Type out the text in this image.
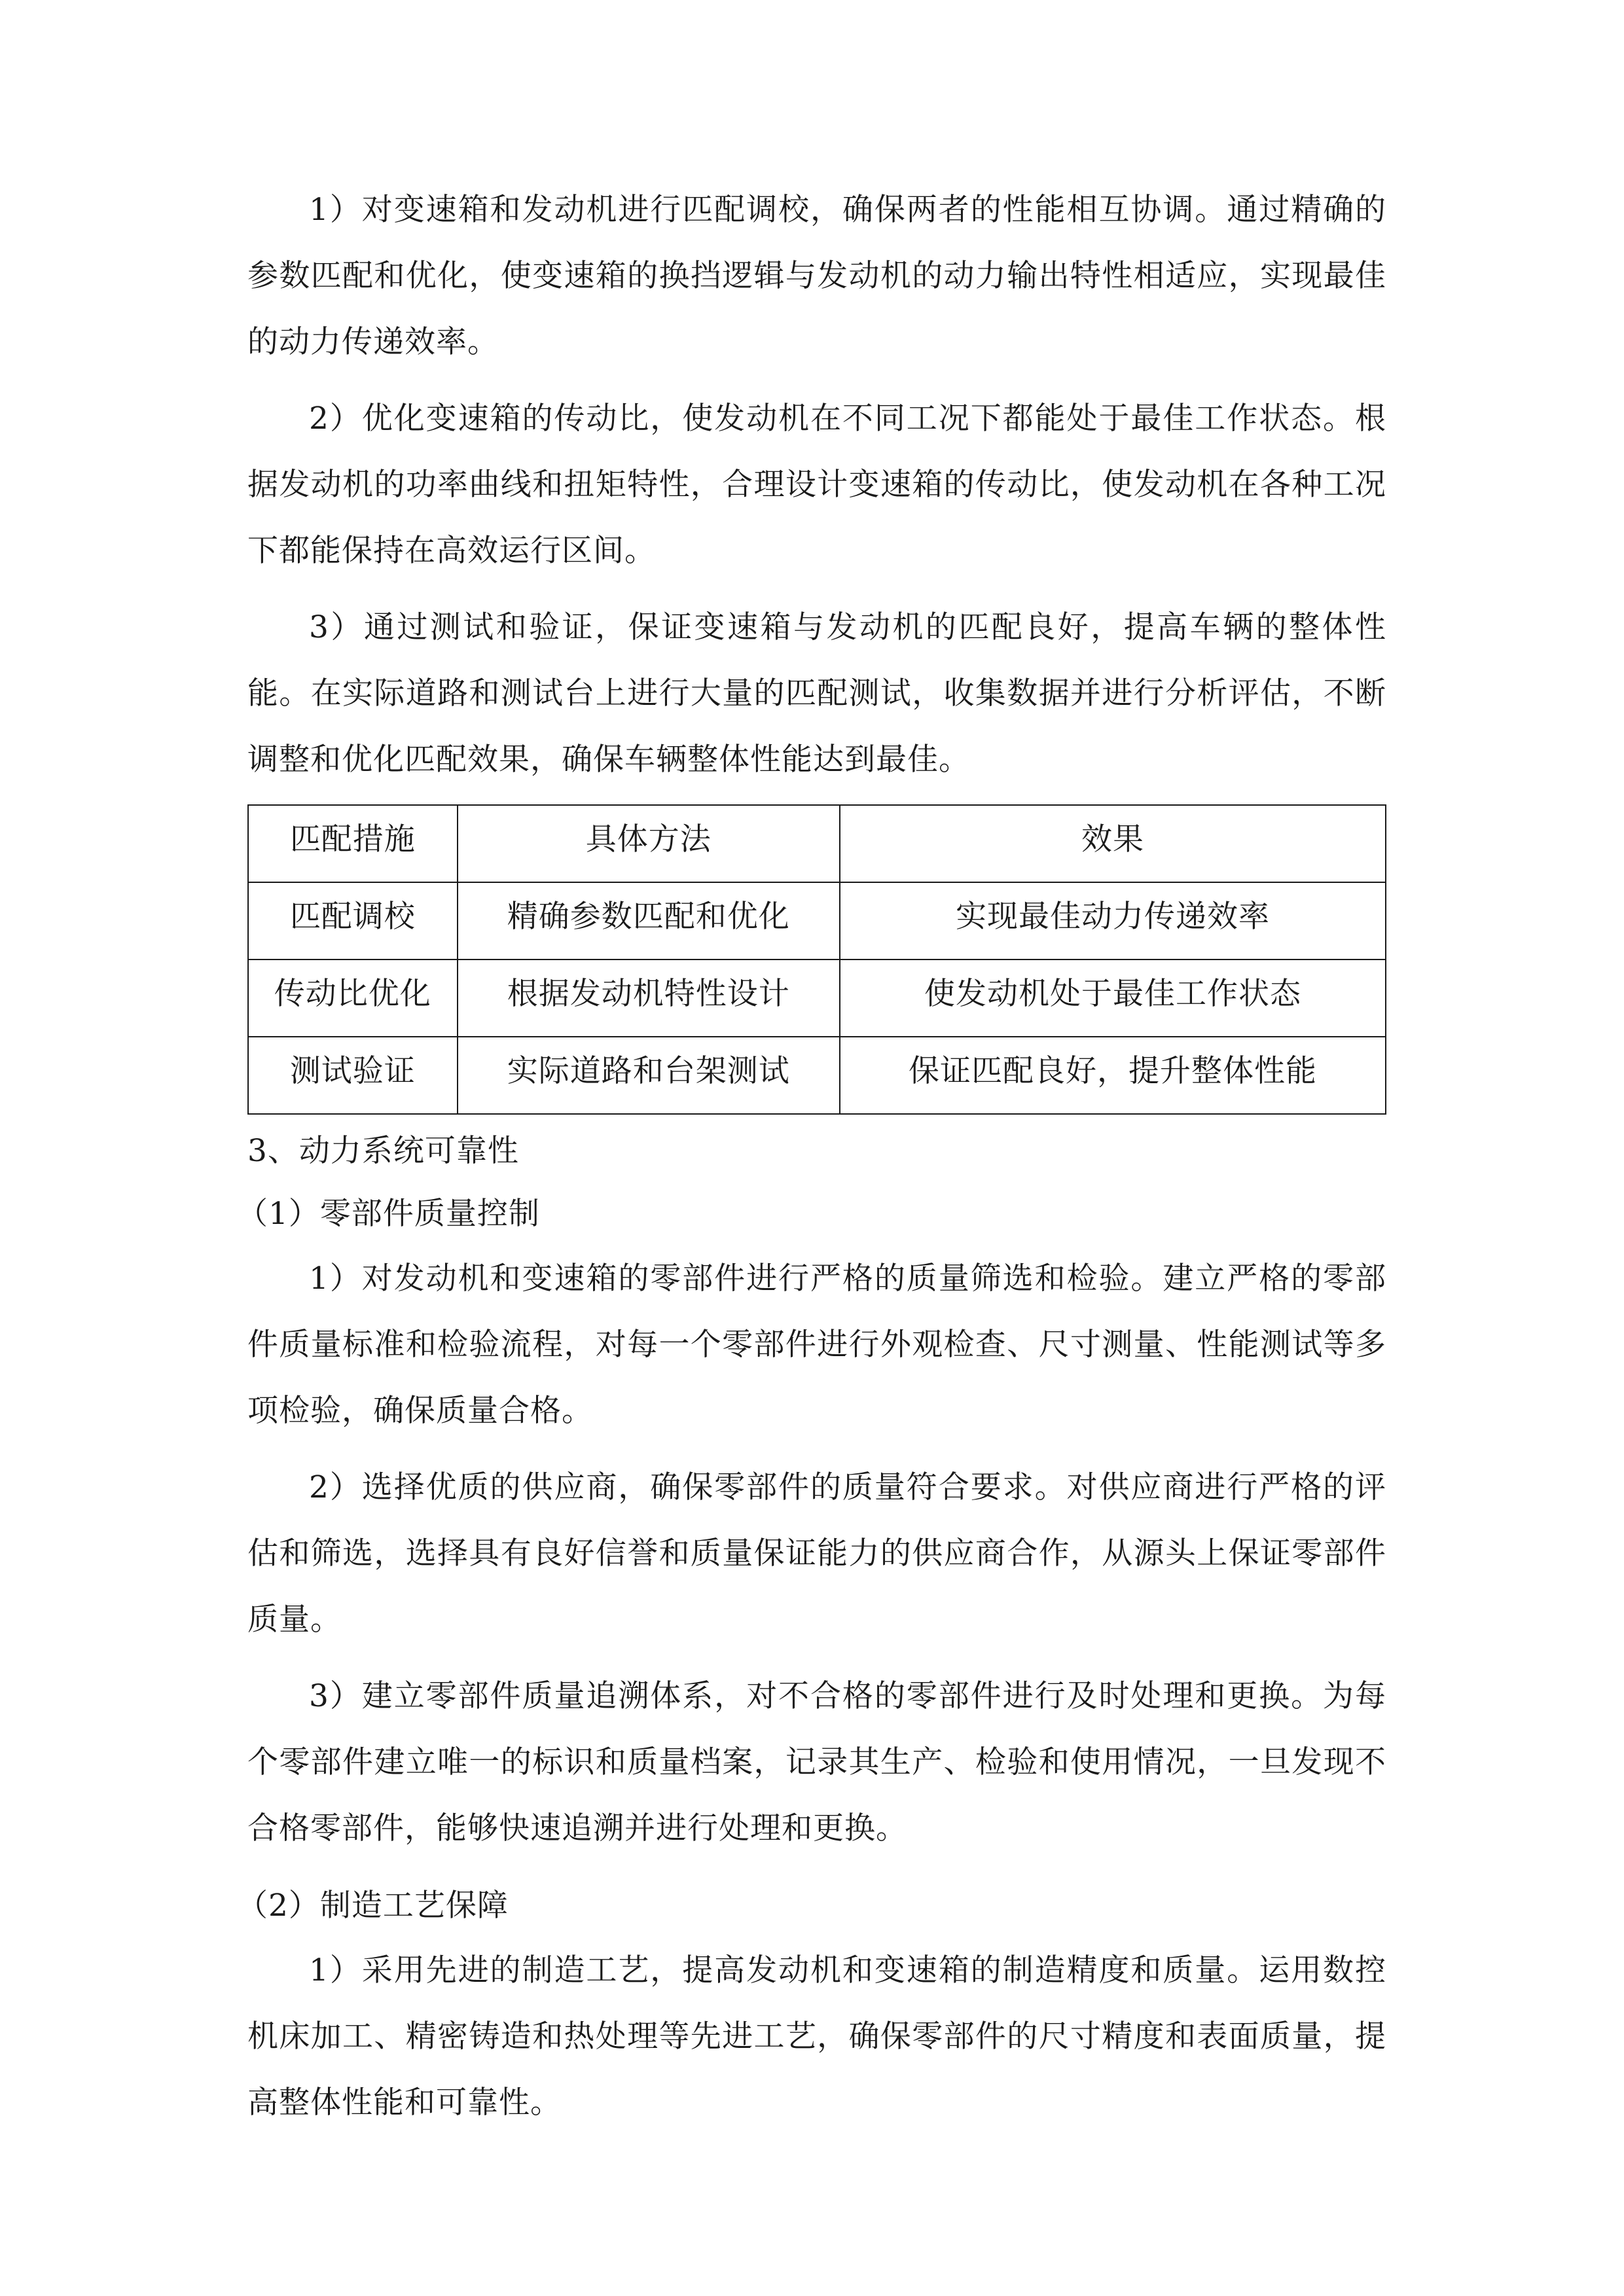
1）对变速箱和发动机进行匹配调校，确保两者的性能相互协调。通过精确的参数匹配和优化，使变速箱的换挡逻辑与发动机的动力输出特性相适应，实现最佳的动力传递效率。

2）优化变速箱的传动比，使发动机在不同工况下都能处于最佳工作状态。根据发动机的功率曲线和扭矩特性，合理设计变速箱的传动比，使发动机在各种工况下都能保持在高效运行区间。

3）通过测试和验证，保证变速箱与发动机的匹配良好，提高车辆的整体性能。在实际道路和测试台上进行大量的匹配测试，收集数据并进行分析评估，不断调整和优化匹配效果，确保车辆整体性能达到最佳。

匹配措施	具体方法	效果
匹配调校	精确参数匹配和优化	实现最佳动力传递效率
传动比优化	根据发动机特性设计	使发动机处于最佳工作状态
测试验证	实际道路和台架测试	保证匹配良好，提升整体性能
3、动力系统可靠性
（1）零部件质量控制

1）对发动机和变速箱的零部件进行严格的质量筛选和检验。建立严格的零部件质量标准和检验流程，对每一个零部件进行外观检查、尺寸测量、性能测试等多项检验，确保质量合格。

2）选择优质的供应商，确保零部件的质量符合要求。对供应商进行严格的评估和筛选，选择具有良好信誉和质量保证能力的供应商合作，从源头上保证零部件质量。

3）建立零部件质量追溯体系，对不合格的零部件进行及时处理和更换。为每个零部件建立唯一的标识和质量档案，记录其生产、检验和使用情况，一旦发现不合格零部件，能够快速追溯并进行处理和更换。

（2）制造工艺保障

1）采用先进的制造工艺，提高发动机和变速箱的制造精度和质量。运用数控机床加工、精密铸造和热处理等先进工艺，确保零部件的尺寸精度和表面质量，提高整体性能和可靠性。
